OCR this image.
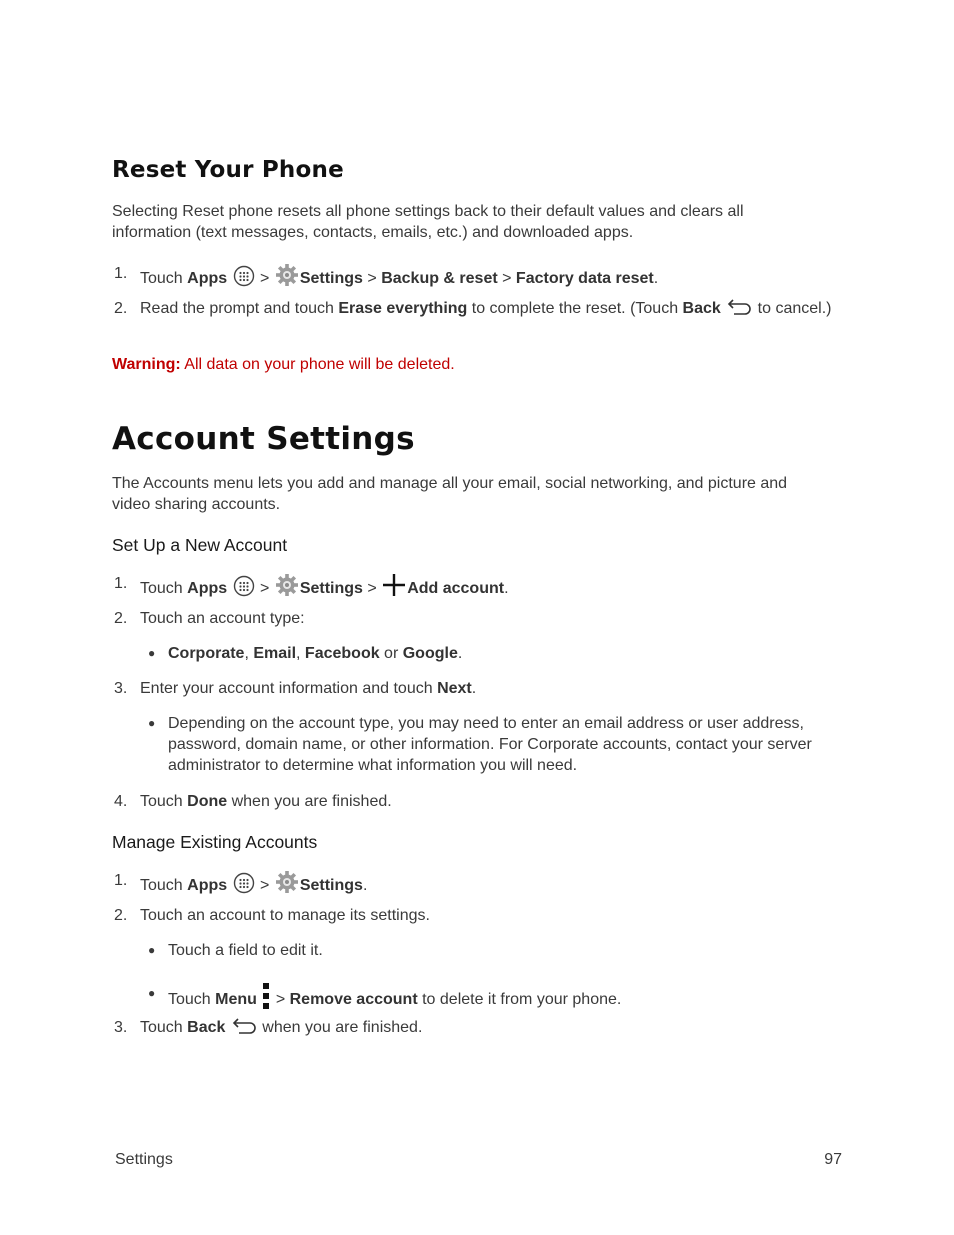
Reset Your Phone

Selecting Reset phone resets all phone settings back to their default values and clears all information (text messages, contacts, emails, etc.) and downloaded apps.

1. Touch Apps  > Settings > Backup & reset > Factory data reset.
2. Read the prompt and touch Erase everything to complete the reset. (Touch Back  to cancel.)

Warning: All data on your phone will be deleted.

Account Settings

The Accounts menu lets you add and manage all your email, social networking, and picture and video sharing accounts.

Set Up a New Account
1. Touch Apps  > Settings > Add account.
2. Touch an account type:
● Corporate, Email, Facebook or Google.
3. Enter your account information and touch Next.
● Depending on the account type, you may need to enter an email address or user address, password, domain name, or other information. For Corporate accounts, contact your server administrator to determine what information you will need.
4. Touch Done when you are finished.
Manage Existing Accounts
1. Touch Apps  > Settings.
2. Touch an account to manage its settings.
● Touch a field to edit it.
● Touch Menu  > Remove account to delete it from your phone.
3. Touch Back  when you are finished.
Settings	97
